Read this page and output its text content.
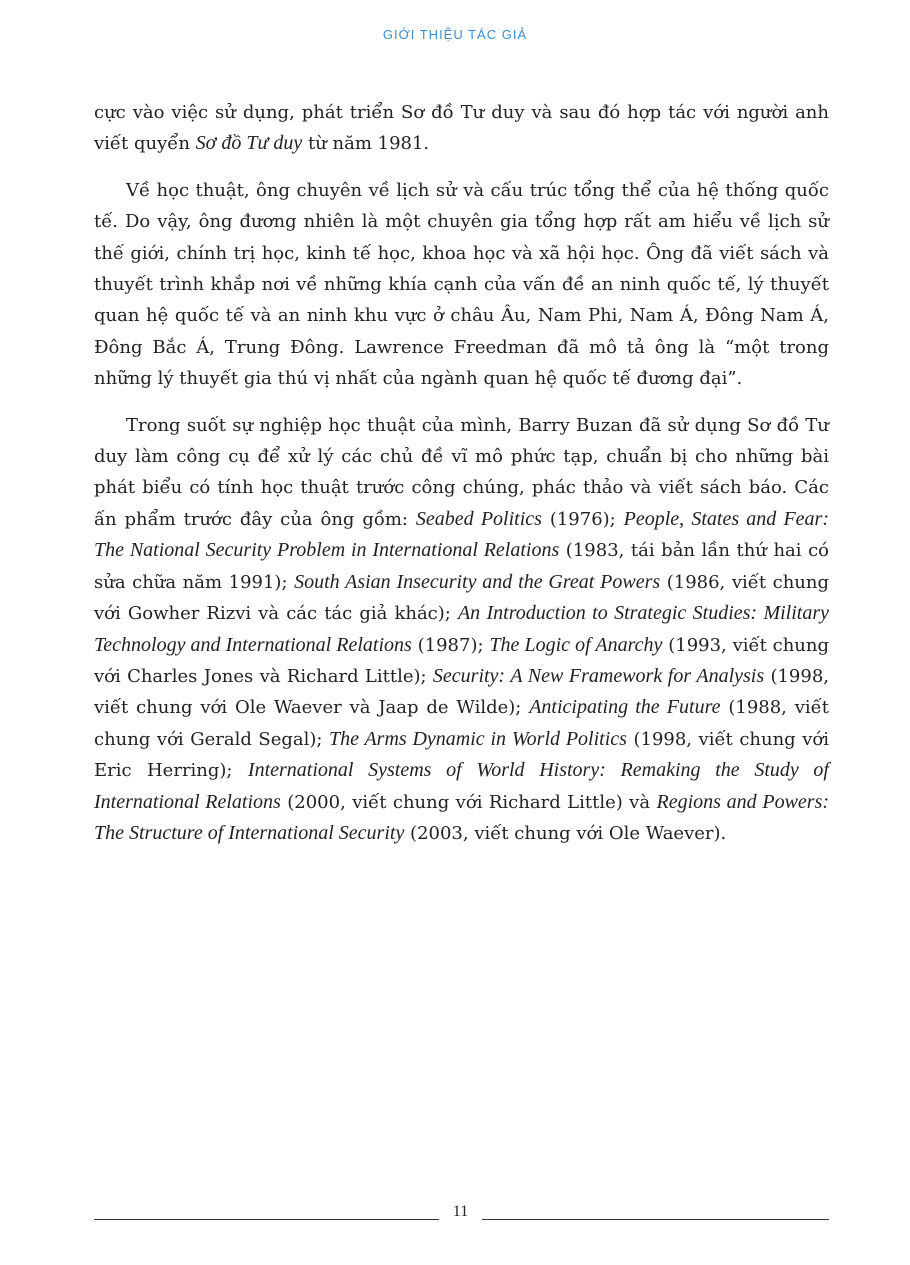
GIỚI THIỆU TÁC GIẢ

cực vào việc sử dụng, phát triển Sơ đồ Tư duy và sau đó hợp tác với người anh viết quyển Sơ đồ Tư duy từ năm 1981.

Về học thuật, ông chuyên về lịch sử và cấu trúc tổng thể của hệ thống quốc tế. Do vậy, ông đương nhiên là một chuyên gia tổng hợp rất am hiểu về lịch sử thế giới, chính trị học, kinh tế học, khoa học và xã hội học. Ông đã viết sách và thuyết trình khắp nơi về những khía cạnh của vấn đề an ninh quốc tế, lý thuyết quan hệ quốc tế và an ninh khu vực ở châu Âu, Nam Phi, Nam Á, Đông Nam Á, Đông Bắc Á, Trung Đông. Lawrence Freedman đã mô tả ông là “một trong những lý thuyết gia thú vị nhất của ngành quan hệ quốc tế đương đại”.

Trong suốt sự nghiệp học thuật của mình, Barry Buzan đã sử dụng Sơ đồ Tư duy làm công cụ để xử lý các chủ đề vĩ mô phức tạp, chuẩn bị cho những bài phát biểu có tính học thuật trước công chúng, phác thảo và viết sách báo. Các ấn phẩm trước đây của ông gồm: Seabed Politics (1976); People, States and Fear: The National Security Problem in International Relations (1983, tái bản lần thứ hai có sửa chữa năm 1991); South Asian Insecurity and the Great Powers (1986, viết chung với Gowher Rizvi và các tác giả khác); An Introduction to Strategic Studies: Military Technology and International Relations (1987); The Logic of Anarchy (1993, viết chung với Charles Jones và Richard Little); Security: A New Framework for Analysis (1998, viết chung với Ole Waever và Jaap de Wilde); Anticipating the Future (1988, viết chung với Gerald Segal); The Arms Dynamic in World Politics (1998, viết chung với Eric Herring); International Systems of World History: Remaking the Study of International Relations (2000, viết chung với Richard Little) và Regions and Powers: The Structure of International Security (2003, viết chung với Ole Waever).

11
